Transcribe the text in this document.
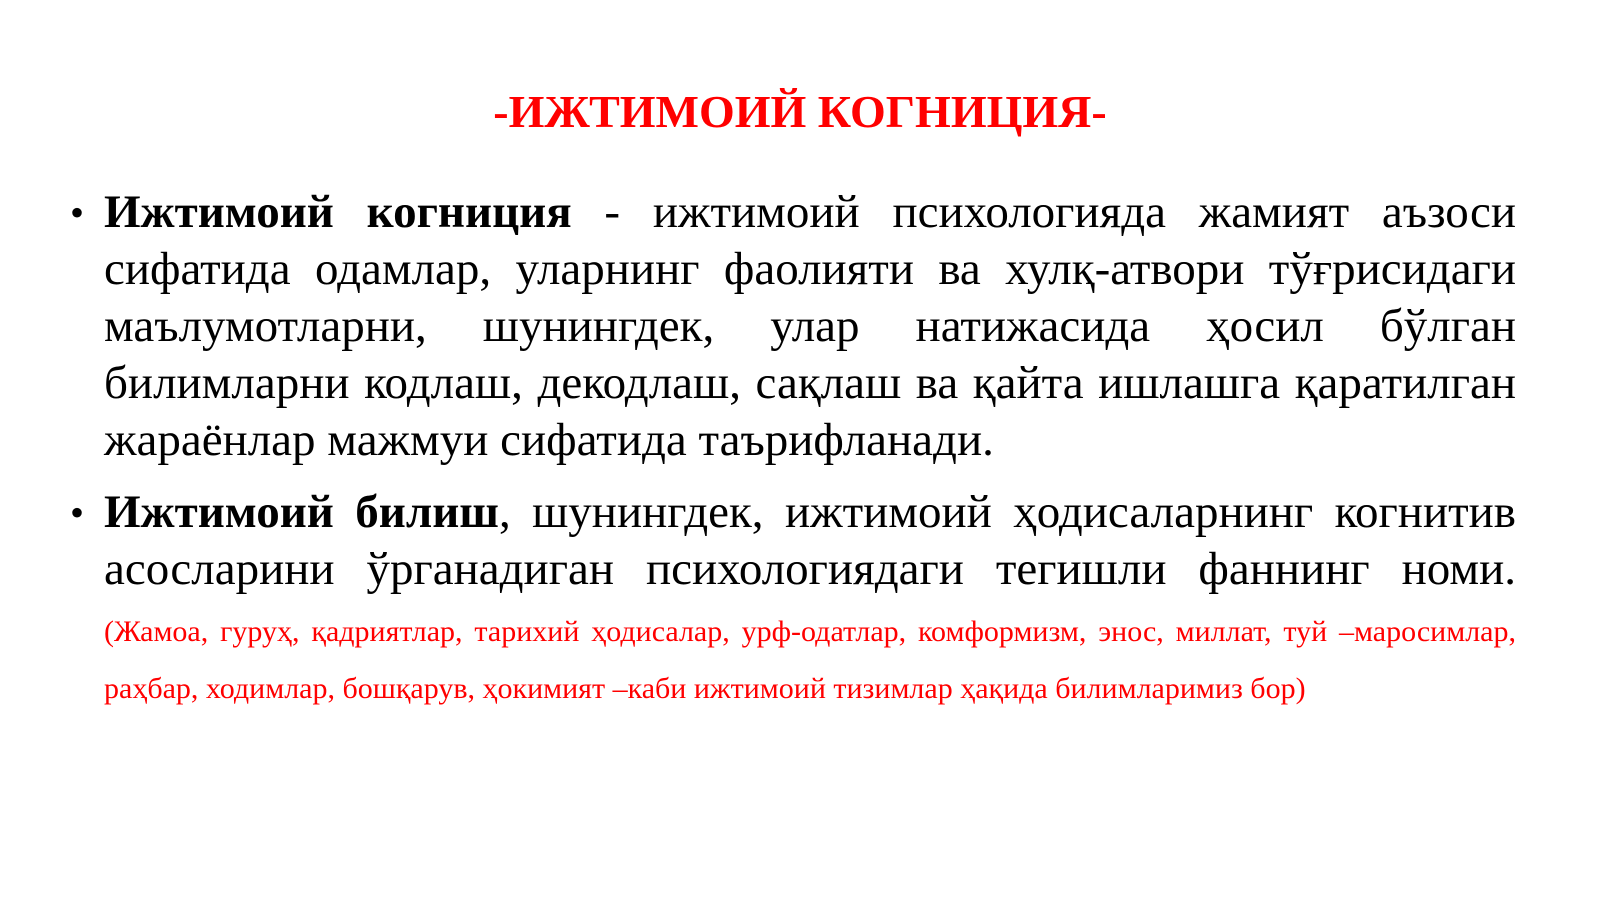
-ИЖТИМОИЙ КОГНИЦИЯ-
• Ижтимоий когниция - ижтимоий психологияда жамият аъзоси сифатида одамлар, уларнинг фаолияти ва хулқ-атвори тўғрисидаги маълумотларни, шунингдек, улар натижасида ҳосил бўлган билимларни кодлаш, декодлаш, сақлаш ва қайта ишлашга қаратилган жараёнлар мажмуи сифатида таърифланади.
• Ижтимоий билиш, шунингдек, ижтимоий ҳодисаларнинг когнитив асосларини ўрганадиган психологиядаги тегишли фаннинг номи.(Жамоа, гуруҳ, қадриятлар, тарихий ҳодисалар, урф-одатлар, комформизм, энос, миллат, туй –маросимлар, раҳбар, ходимлар, бошқарув, ҳокимият –каби ижтимоий тизимлар ҳақида билимларимиз бор)
